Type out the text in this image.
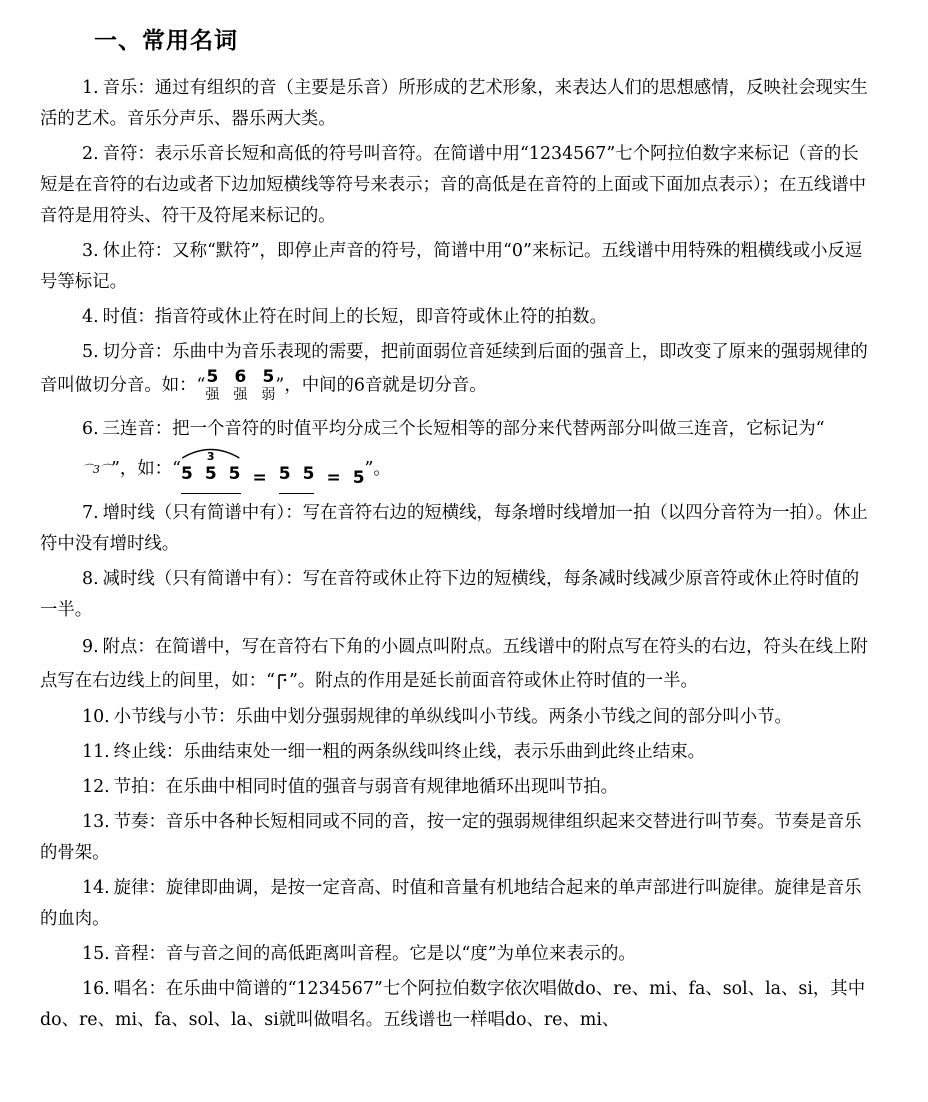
一、常用名词

1. 音乐：通过有组织的音（主要是乐音）所形成的艺术形象，来表达人们的思想感情，反映社会现实生活的艺术。音乐分声乐、器乐两大类。

2. 音符：表示乐音长短和高低的符号叫音符。在简谱中用“1234567”七个阿拉伯数字来标记（音的长短是在音符的右边或者下边加短横线等符号来表示；音的高低是在音符的上面或下面加点表示）；在五线谱中音符是用符头、符干及符尾来标记的。

3. 休止符：又称“默符”，即停止声音的符号，简谱中用“0”来标记。五线谱中用特殊的粗横线或小反逗号等标记。

4. 时值：指音符或休止符在时间上的长短，即音符或休止符的拍数。

5. 切分音：乐曲中为音乐表现的需要，把前面弱位音延续到后面的强音上，即改变了原来的强弱规律的音叫做切分音。如：“ 5
强
6
强
5
弱 ”，中间的6音就是切分音。

6. 三连音：把一个音符的时值平均分成三个长短相等的部分来代替两部分叫做三连音，它标记为“⌒3⌒”，如：“
3
5 5 5 = 5 5 = 5 ”。

7. 增时线（只有简谱中有）：写在音符右边的短横线，每条增时线增加一拍（以四分音符为一拍）。休止符中没有增时线。

8. 减时线（只有简谱中有）：写在音符或休止符下边的短横线，每条减时线减少原音符或休止符时值的一半。

9. 附点：在简谱中，写在音符右下角的小圆点叫附点。五线谱中的附点写在符头的右边，符头在线上附点写在右边线上的间里，如：“ ”。附点的作用是延长前面音符或休止符时值的一半。

10. 小节线与小节：乐曲中划分强弱规律的单纵线叫小节线。两条小节线之间的部分叫小节。

11. 终止线：乐曲结束处一细一粗的两条纵线叫终止线，表示乐曲到此终止结束。

12. 节拍：在乐曲中相同时值的强音与弱音有规律地循环出现叫节拍。

13. 节奏：音乐中各种长短相同或不同的音，按一定的强弱规律组织起来交替进行叫节奏。节奏是音乐的骨架。

14. 旋律：旋律即曲调，是按一定音高、时值和音量有机地结合起来的单声部进行叫旋律。旋律是音乐的血肉。

15. 音程：音与音之间的高低距离叫音程。它是以“度”为单位来表示的。

16. 唱名：在乐曲中简谱的“1234567”七个阿拉伯数字依次唱做do、re、mi、fa、sol、la、si，其中do、re、mi、fa、sol、la、si就叫做唱名。五线谱也一样唱do、re、mi、
